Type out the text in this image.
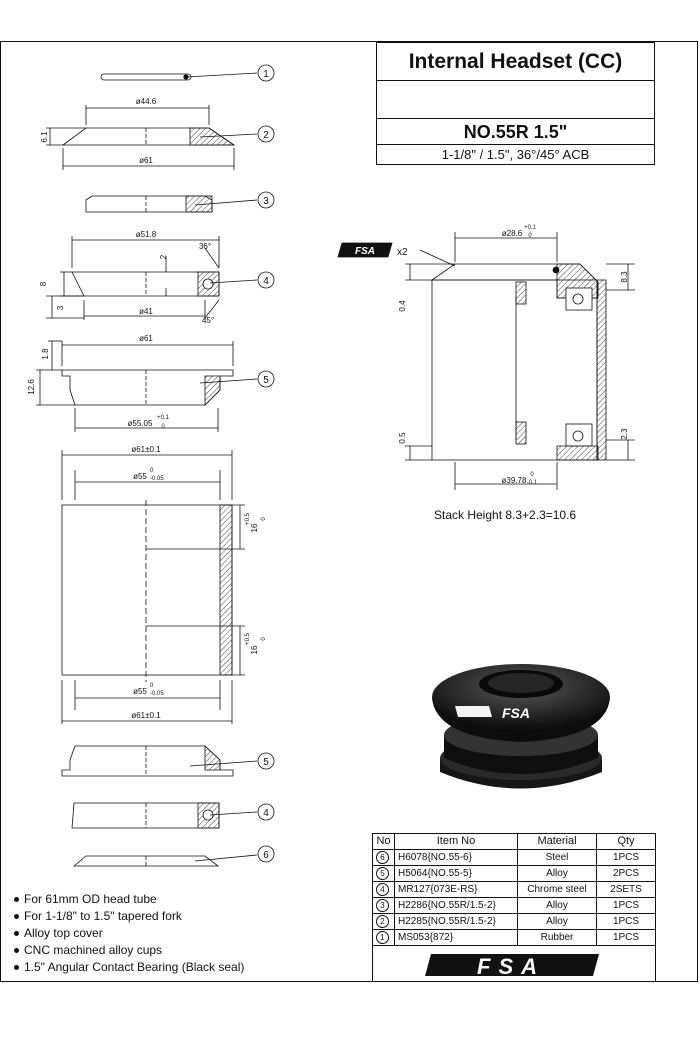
ø44.6
6.1
ø61
ø51.8
36°
2
8
3	ø41
45°
ø61
1.8
12.6
ø55.05
+0.1
0
ø61±0.1
ø55
0
-0.05
16
+0.5 0
16
+0.5 0
ø55
0
-0.05
ø61±0.1
ø28.6
+0.1
0
8.3
0.4
0.5	2.3
ø39.78
0
-0.1
1
2
3
4
5
5
4
6
FSA x2
FSA
Internal Headset (CC)
NO.55R 1.5"
1-1/8" / 1.5", 36°/45° ACB
Stack Height 8.3+2.3=10.6
For 61mm OD head tube
For 1-1/8" to 1.5" tapered fork
Alloy top cover
CNC machined alloy cups
1.5" Angular Contact Bearing (Black seal)
No	Item No	Material	Qty
6	H6078{NO.55-6}	Steel	1PCS
5	H5064{NO.55-5}	Alloy	2PCS
4	MR127{073E-RS}	Chrome steel	2SETS
3	H2286{NO.55R/1.5-2}	Alloy	1PCS
2	H2285{NO.55R/1.5-2}	Alloy	1PCS
1	MS053{872}	Rubber	1PCS
FSA
